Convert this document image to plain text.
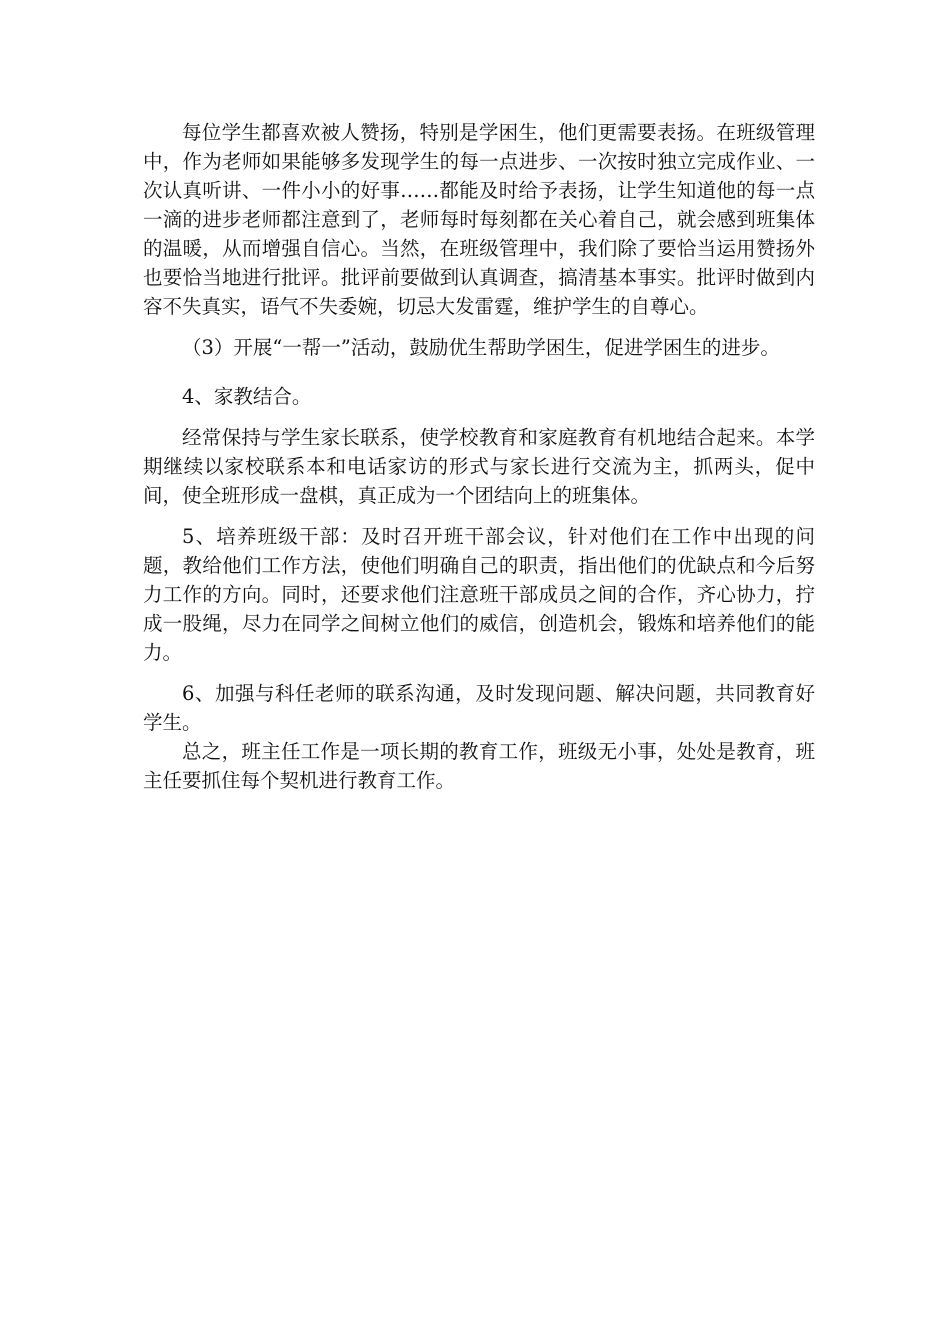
每位学生都喜欢被人赞扬，特别是学困生，他们更需要表扬。在班级管理中，作为老师如果能够多发现学生的每一点进步、一次按时独立完成作业、一次认真听讲、一件小小的好事……都能及时给予表扬，让学生知道他的每一点一滴的进步老师都注意到了，老师每时每刻都在关心着自己，就会感到班集体的温暖，从而增强自信心。当然，在班级管理中，我们除了要恰当运用赞扬外也要恰当地进行批评。批评前要做到认真调查，搞清基本事实。批评时做到内容不失真实，语气不失委婉，切忌大发雷霆，维护学生的自尊心。

（3）开展“一帮一”活动，鼓励优生帮助学困生，促进学困生的进步。

4、家教结合。

经常保持与学生家长联系，使学校教育和家庭教育有机地结合起来。本学期继续以家校联系本和电话家访的形式与家长进行交流为主，抓两头，促中间，使全班形成一盘棋，真正成为一个团结向上的班集体。

5、培养班级干部：及时召开班干部会议，针对他们在工作中出现的问题，教给他们工作方法，使他们明确自己的职责，指出他们的优缺点和今后努力工作的方向。同时，还要求他们注意班干部成员之间的合作，齐心协力，拧成一股绳，尽力在同学之间树立他们的威信，创造机会，锻炼和培养他们的能力。

6、加强与科任老师的联系沟通，及时发现问题、解决问题，共同教育好学生。

总之，班主任工作是一项长期的教育工作，班级无小事，处处是教育，班主任要抓住每个契机进行教育工作。
